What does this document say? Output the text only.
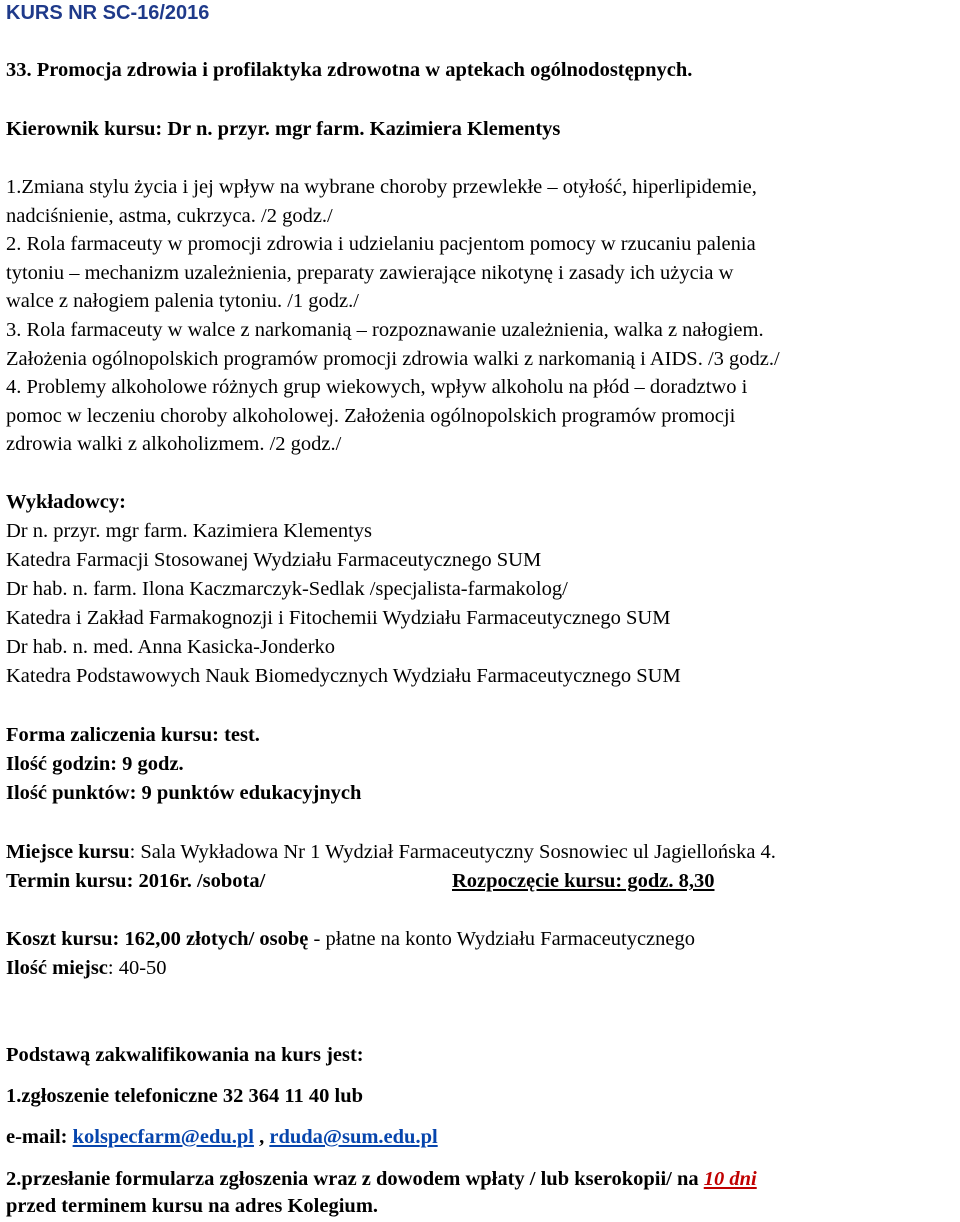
KURS NR SC-16/2016
33. Promocja zdrowia i profilaktyka zdrowotna w aptekach ogólnodostępnych.
Kierownik kursu: Dr n. przyr. mgr farm. Kazimiera Klementys
1.Zmiana stylu życia i jej wpływ na wybrane choroby przewlekłe – otyłość, hiperlipidemie,
nadciśnienie, astma, cukrzyca. /2 godz./
2. Rola farmaceuty w promocji zdrowia i udzielaniu pacjentom pomocy w rzucaniu palenia
tytoniu – mechanizm uzależnienia, preparaty zawierające nikotynę i zasady ich użycia w
walce z nałogiem palenia tytoniu. /1 godz./
3. Rola farmaceuty w walce z narkomanią – rozpoznawanie uzależnienia, walka z nałogiem.
Założenia ogólnopolskich programów promocji zdrowia walki z narkomanią i AIDS. /3 godz./
4. Problemy alkoholowe różnych grup wiekowych, wpływ alkoholu na płód – doradztwo i
pomoc w leczeniu choroby alkoholowej. Założenia ogólnopolskich programów promocji
zdrowia walki z alkoholizmem. /2 godz./
Wykładowcy:
Dr n. przyr. mgr farm. Kazimiera Klementys
Katedra Farmacji Stosowanej Wydziału Farmaceutycznego SUM
Dr hab. n. farm. Ilona Kaczmarczyk-Sedlak /specjalista-farmakolog/
Katedra i Zakład Farmakognozji i Fitochemii Wydziału Farmaceutycznego SUM
Dr hab. n. med. Anna Kasicka-Jonderko
Katedra Podstawowych Nauk Biomedycznych Wydziału Farmaceutycznego SUM
Forma zaliczenia kursu: test.
Ilość godzin: 9 godz.
Ilość punktów: 9 punktów edukacyjnych
Miejsce kursu: Sala Wykładowa Nr 1 Wydział Farmaceutyczny Sosnowiec ul Jagiellońska 4.
Termin kursu: 2016r. /sobota/	Rozpoczęcie kursu: godz. 8,30
Koszt kursu: 162,00 złotych/ osobę - płatne na konto Wydziału Farmaceutycznego
Ilość miejsc: 40-50
Podstawą zakwalifikowania na kurs jest:
1.zgłoszenie telefoniczne 32 364 11 40 lub
e-mail: kolspecfarm@edu.pl , rduda@sum.edu.pl
2.przesłanie formularza zgłoszenia wraz z dowodem wpłaty / lub kserokopii/ na 10 dni
przed terminem kursu na adres Kolegium.
